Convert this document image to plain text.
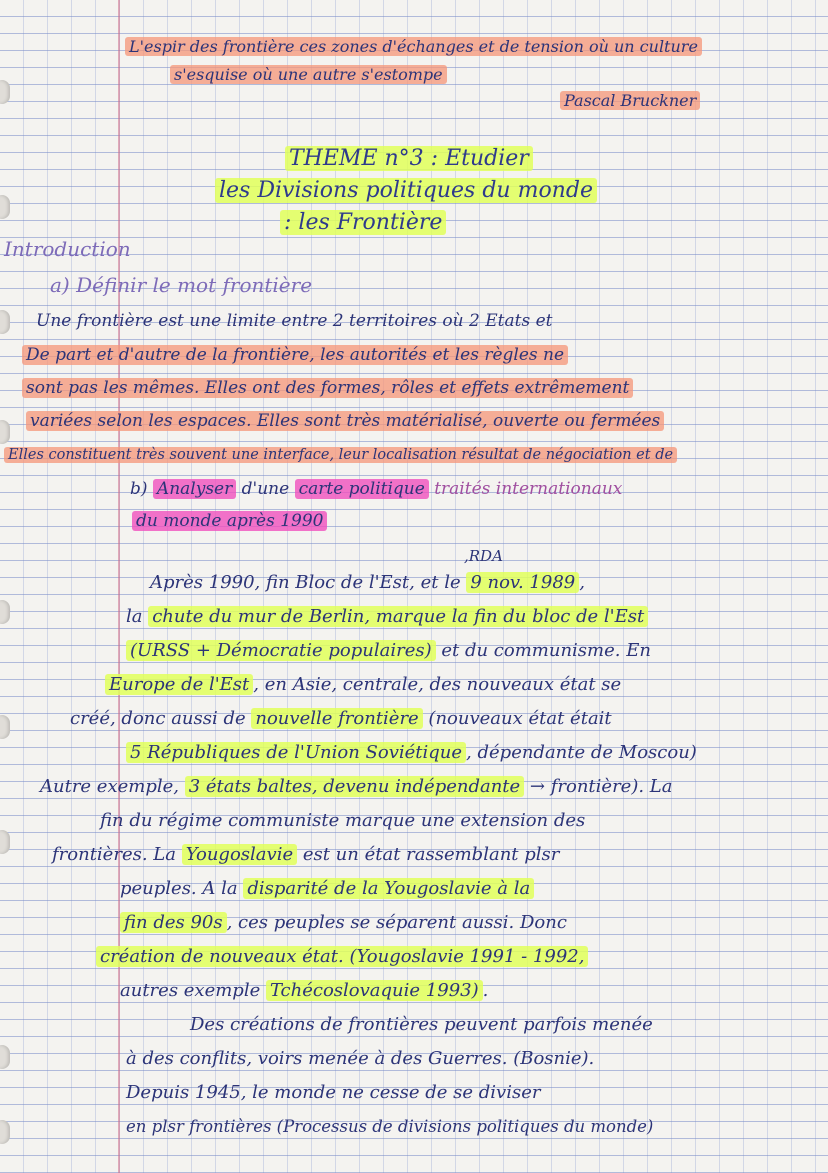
L'espir des frontière ces zones d'échanges et de tension où un culture
s'esquise où une autre s'estompe
Pascal Bruckner
THEME n°3 : Etudier
les Divisions politiques du monde
: les Frontière
Introduction
a) Définir le mot frontière
Une frontière est une limite entre 2 territoires où 2 Etats et
De part et d'autre de la frontière, les autorités et les règles ne
sont pas les mêmes. Elles ont des formes, rôles et effets extrêmement
variées selon les espaces. Elles sont très matérialisé, ouverte ou fermées
Elles constituent très souvent une interface, leur localisation résultat de négociation et de
b) Analyser d'une carte politique traités internationaux
du monde après 1990
,RDA
Après 1990, fin Bloc de l'Est, et le 9 nov. 1989 ,
la chute du mur de Berlin, marque la fin du bloc de l'Est
(URSS + Démocratie populaires) et du communisme. En
Europe de l'Est , en Asie, centrale, des nouveaux état se
créé, donc aussi de nouvelle frontière (nouveaux état était
5 Républiques de l'Union Soviétique , dépendante de Moscou)
Autre exemple, 3 états baltes, devenu indépendante → frontière). La
fin du régime communiste marque une extension des
frontières. La Yougoslavie est un état rassemblant plsr
peuples. A la disparité de la Yougoslavie à la
fin des 90s , ces peuples se séparent aussi. Donc
création de nouveaux état. (Yougoslavie 1991 - 1992,
autres exemple Tchécoslovaquie 1993) .
Des créations de frontières peuvent parfois menée
à des conflits, voirs menée à des Guerres. (Bosnie).
Depuis 1945, le monde ne cesse de se diviser
en plsr frontières (Processus de divisions politiques du monde)
